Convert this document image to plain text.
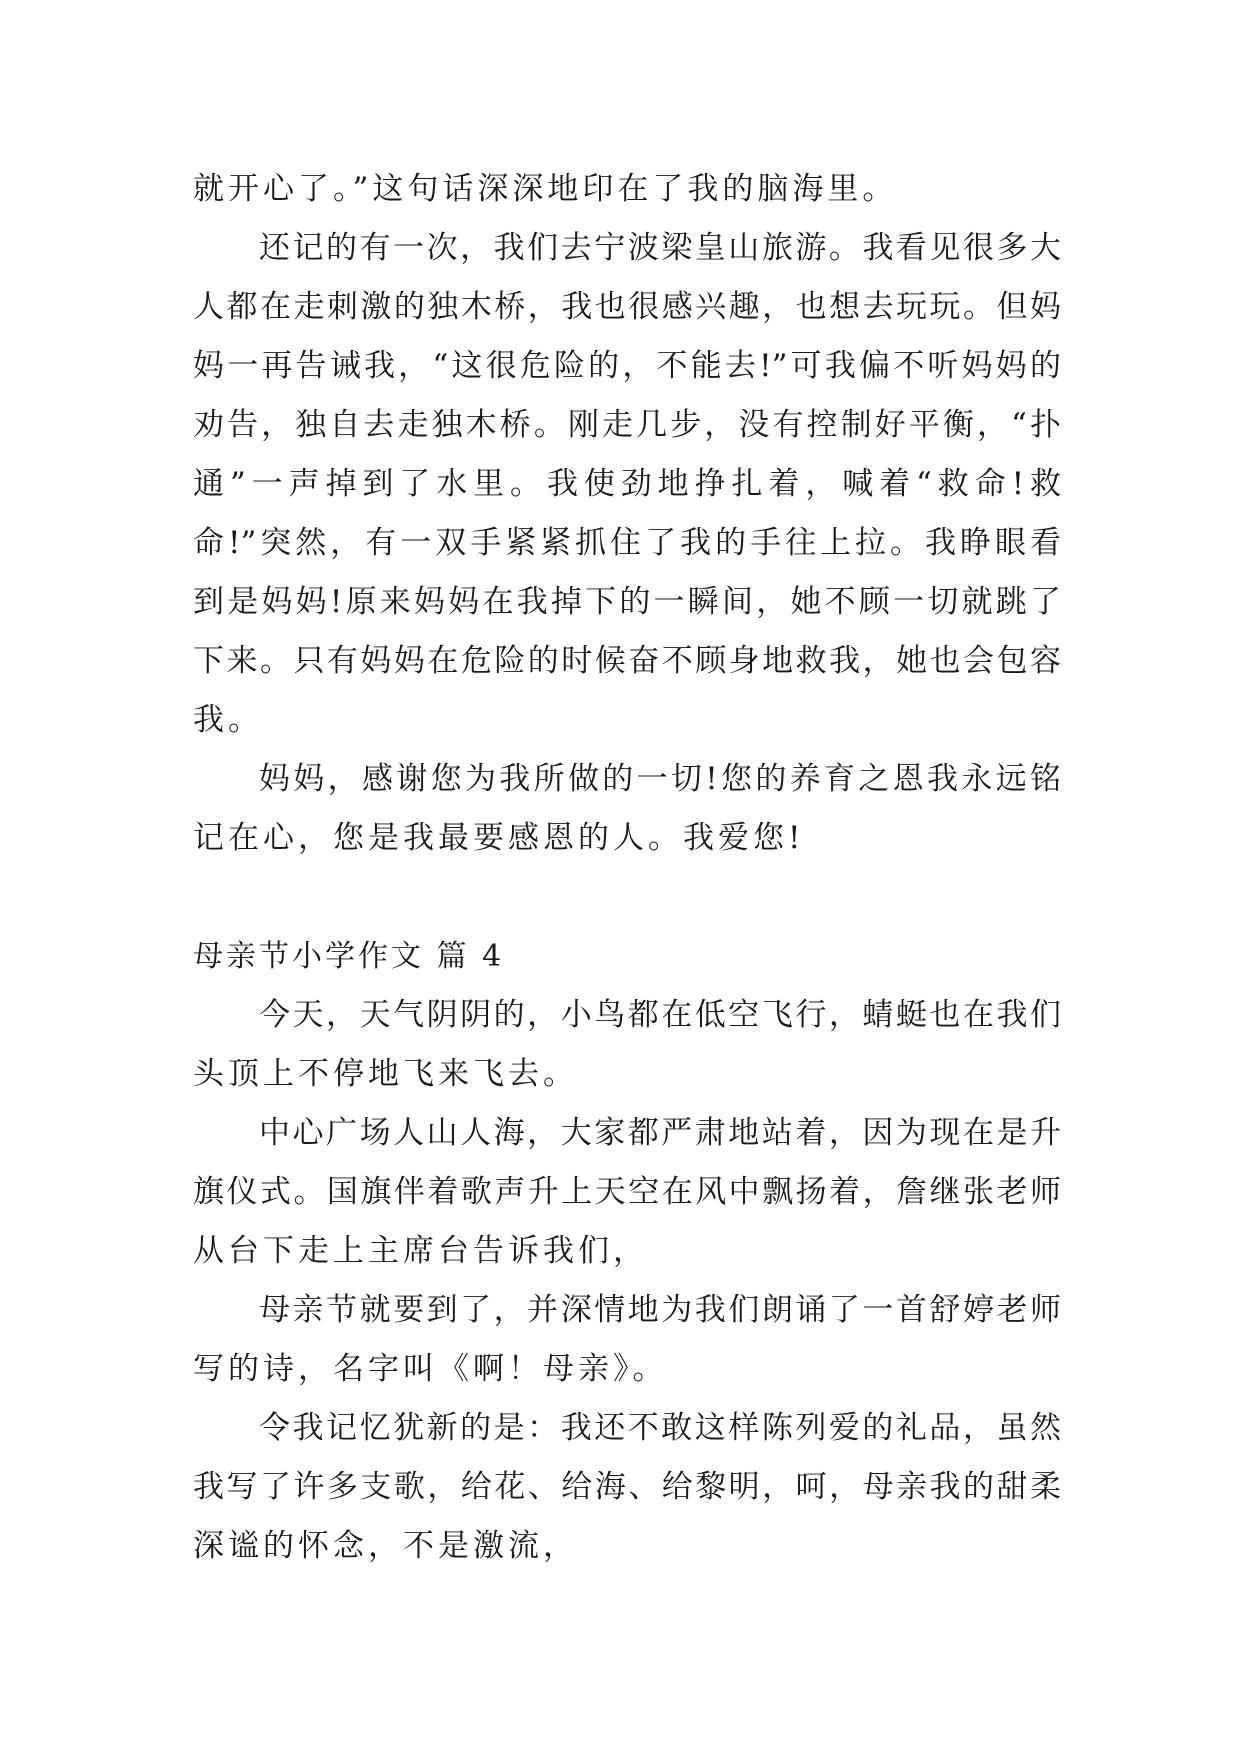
就开心了。”这句话深深地印在了我的脑海里。
还记的有一次，我们去宁波梁皇山旅游。我看见很多大
人都在走刺激的独木桥，我也很感兴趣，也想去玩玩。但妈
妈一再告诫我，“这很危险的，不能去!”可我偏不听妈妈的
劝告，独自去走独木桥。刚走几步，没有控制好平衡，“扑
通”一声掉到了水里。我使劲地挣扎着，喊着“救命!救
命!”突然，有一双手紧紧抓住了我的手往上拉。我睁眼看
到是妈妈!原来妈妈在我掉下的一瞬间，她不顾一切就跳了
下来。只有妈妈在危险的时候奋不顾身地救我，她也会包容
我。
妈妈，感谢您为我所做的一切!您的养育之恩我永远铭
记在心，您是我最要感恩的人。我爱您!
母亲节小学作文 篇 4
今天，天气阴阴的，小鸟都在低空飞行，蜻蜓也在我们
头顶上不停地飞来飞去。
中心广场人山人海，大家都严肃地站着，因为现在是升
旗仪式。国旗伴着歌声升上天空在风中飘扬着，詹继张老师
从台下走上主席台告诉我们，
母亲节就要到了，并深情地为我们朗诵了一首舒婷老师
写的诗，名字叫《啊！母亲》。
令我记忆犹新的是：我还不敢这样陈列爱的礼品，虽然
我写了许多支歌，给花、给海、给黎明，呵，母亲我的甜柔
深谧的怀念，不是激流，
